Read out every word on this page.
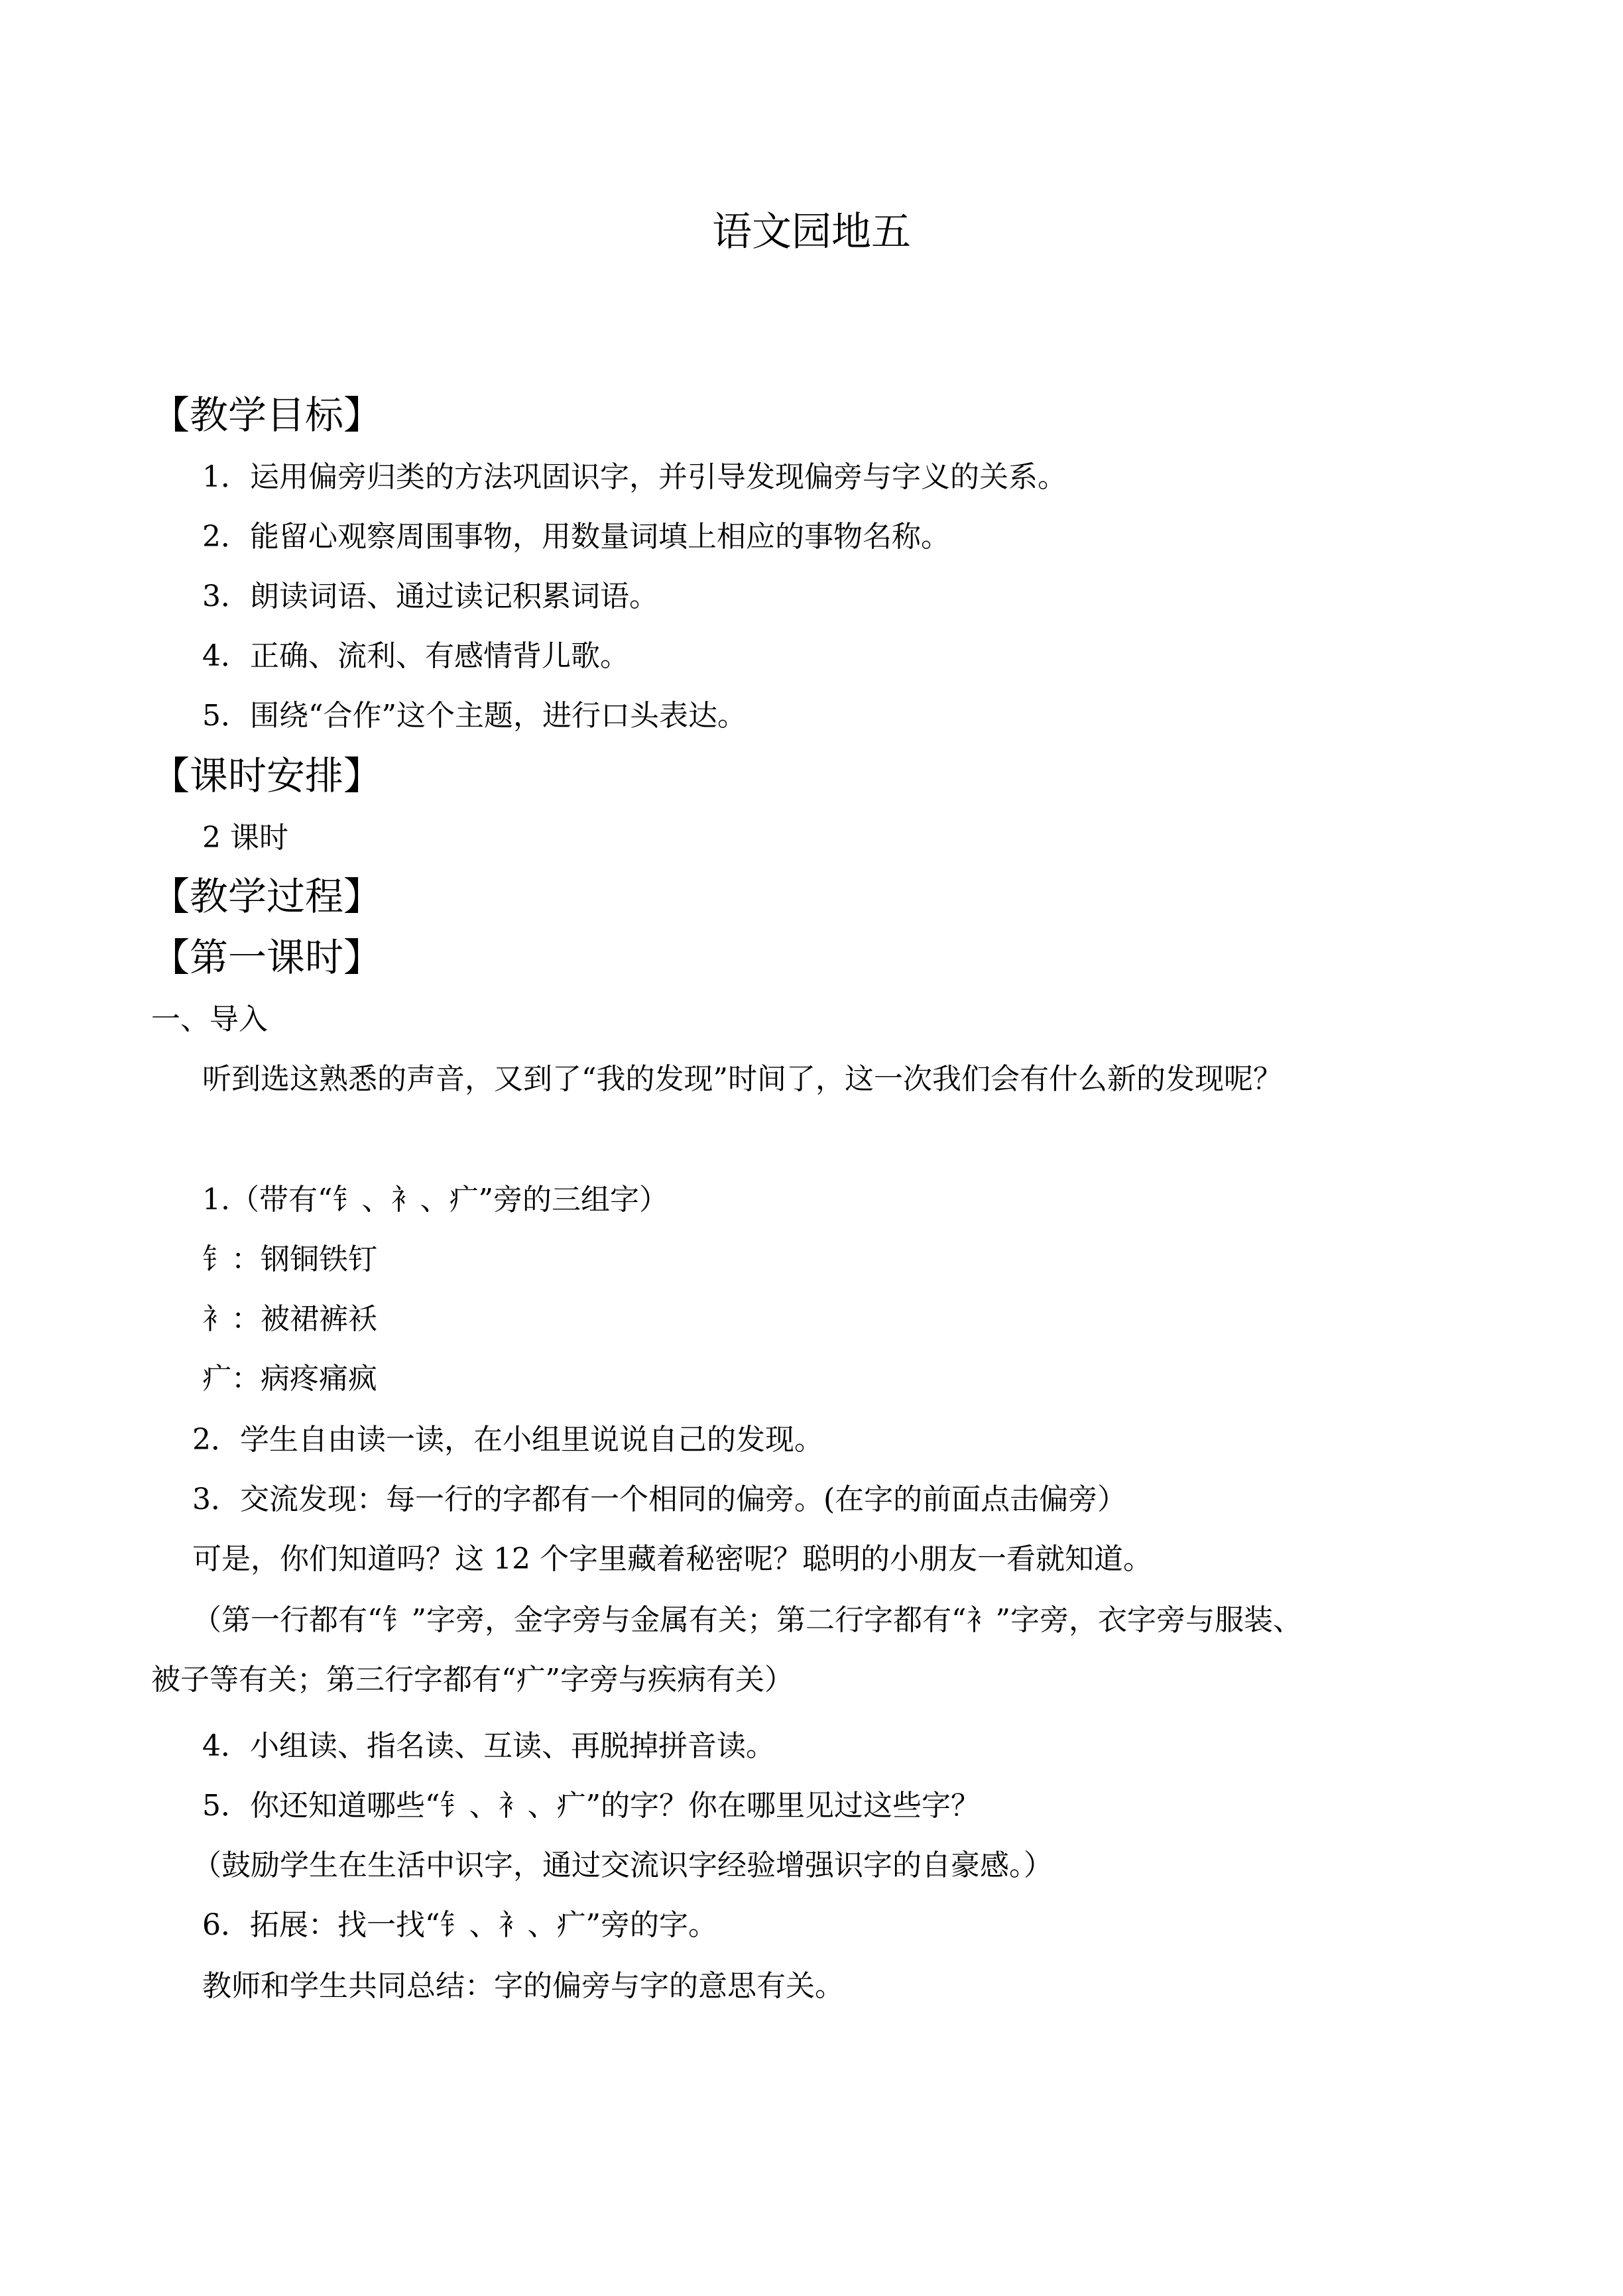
语文园地五
【教学目标】
1．运用偏旁归类的方法巩固识字，并引导发现偏旁与字义的关系。
2．能留心观察周围事物，用数量词填上相应的事物名称。
3．朗读词语、通过读记积累词语。
4．正确、流利、有感情背儿歌。
5．围绕“合作”这个主题，进行口头表达。
【课时安排】
2 课时
【教学过程】
【第一课时】
一、导入
听到选这熟悉的声音，又到了“我的发现”时间了，这一次我们会有什么新的发现呢？
1.（带有“钅、衤、疒”旁的三组字）
钅：钢铜铁钉
衤：被裙裤袄
疒：病疼痛疯
2．学生自由读一读，在小组里说说自己的发现。
3．交流发现：每一行的字都有一个相同的偏旁。(在字的前面点击偏旁）
可是，你们知道吗？这 12 个字里藏着秘密呢？聪明的小朋友一看就知道。
（第一行都有“钅”字旁，金字旁与金属有关；第二行字都有“衤”字旁，衣字旁与服装、
被子等有关；第三行字都有“疒”字旁与疾病有关）
4．小组读、指名读、互读、再脱掉拼音读。
5．你还知道哪些“钅、衤、疒”的字？你在哪里见过这些字？
（鼓励学生在生活中识字，通过交流识字经验增强识字的自豪感。）
6．拓展：找一找“钅、衤、疒”旁的字。
教师和学生共同总结：字的偏旁与字的意思有关。
